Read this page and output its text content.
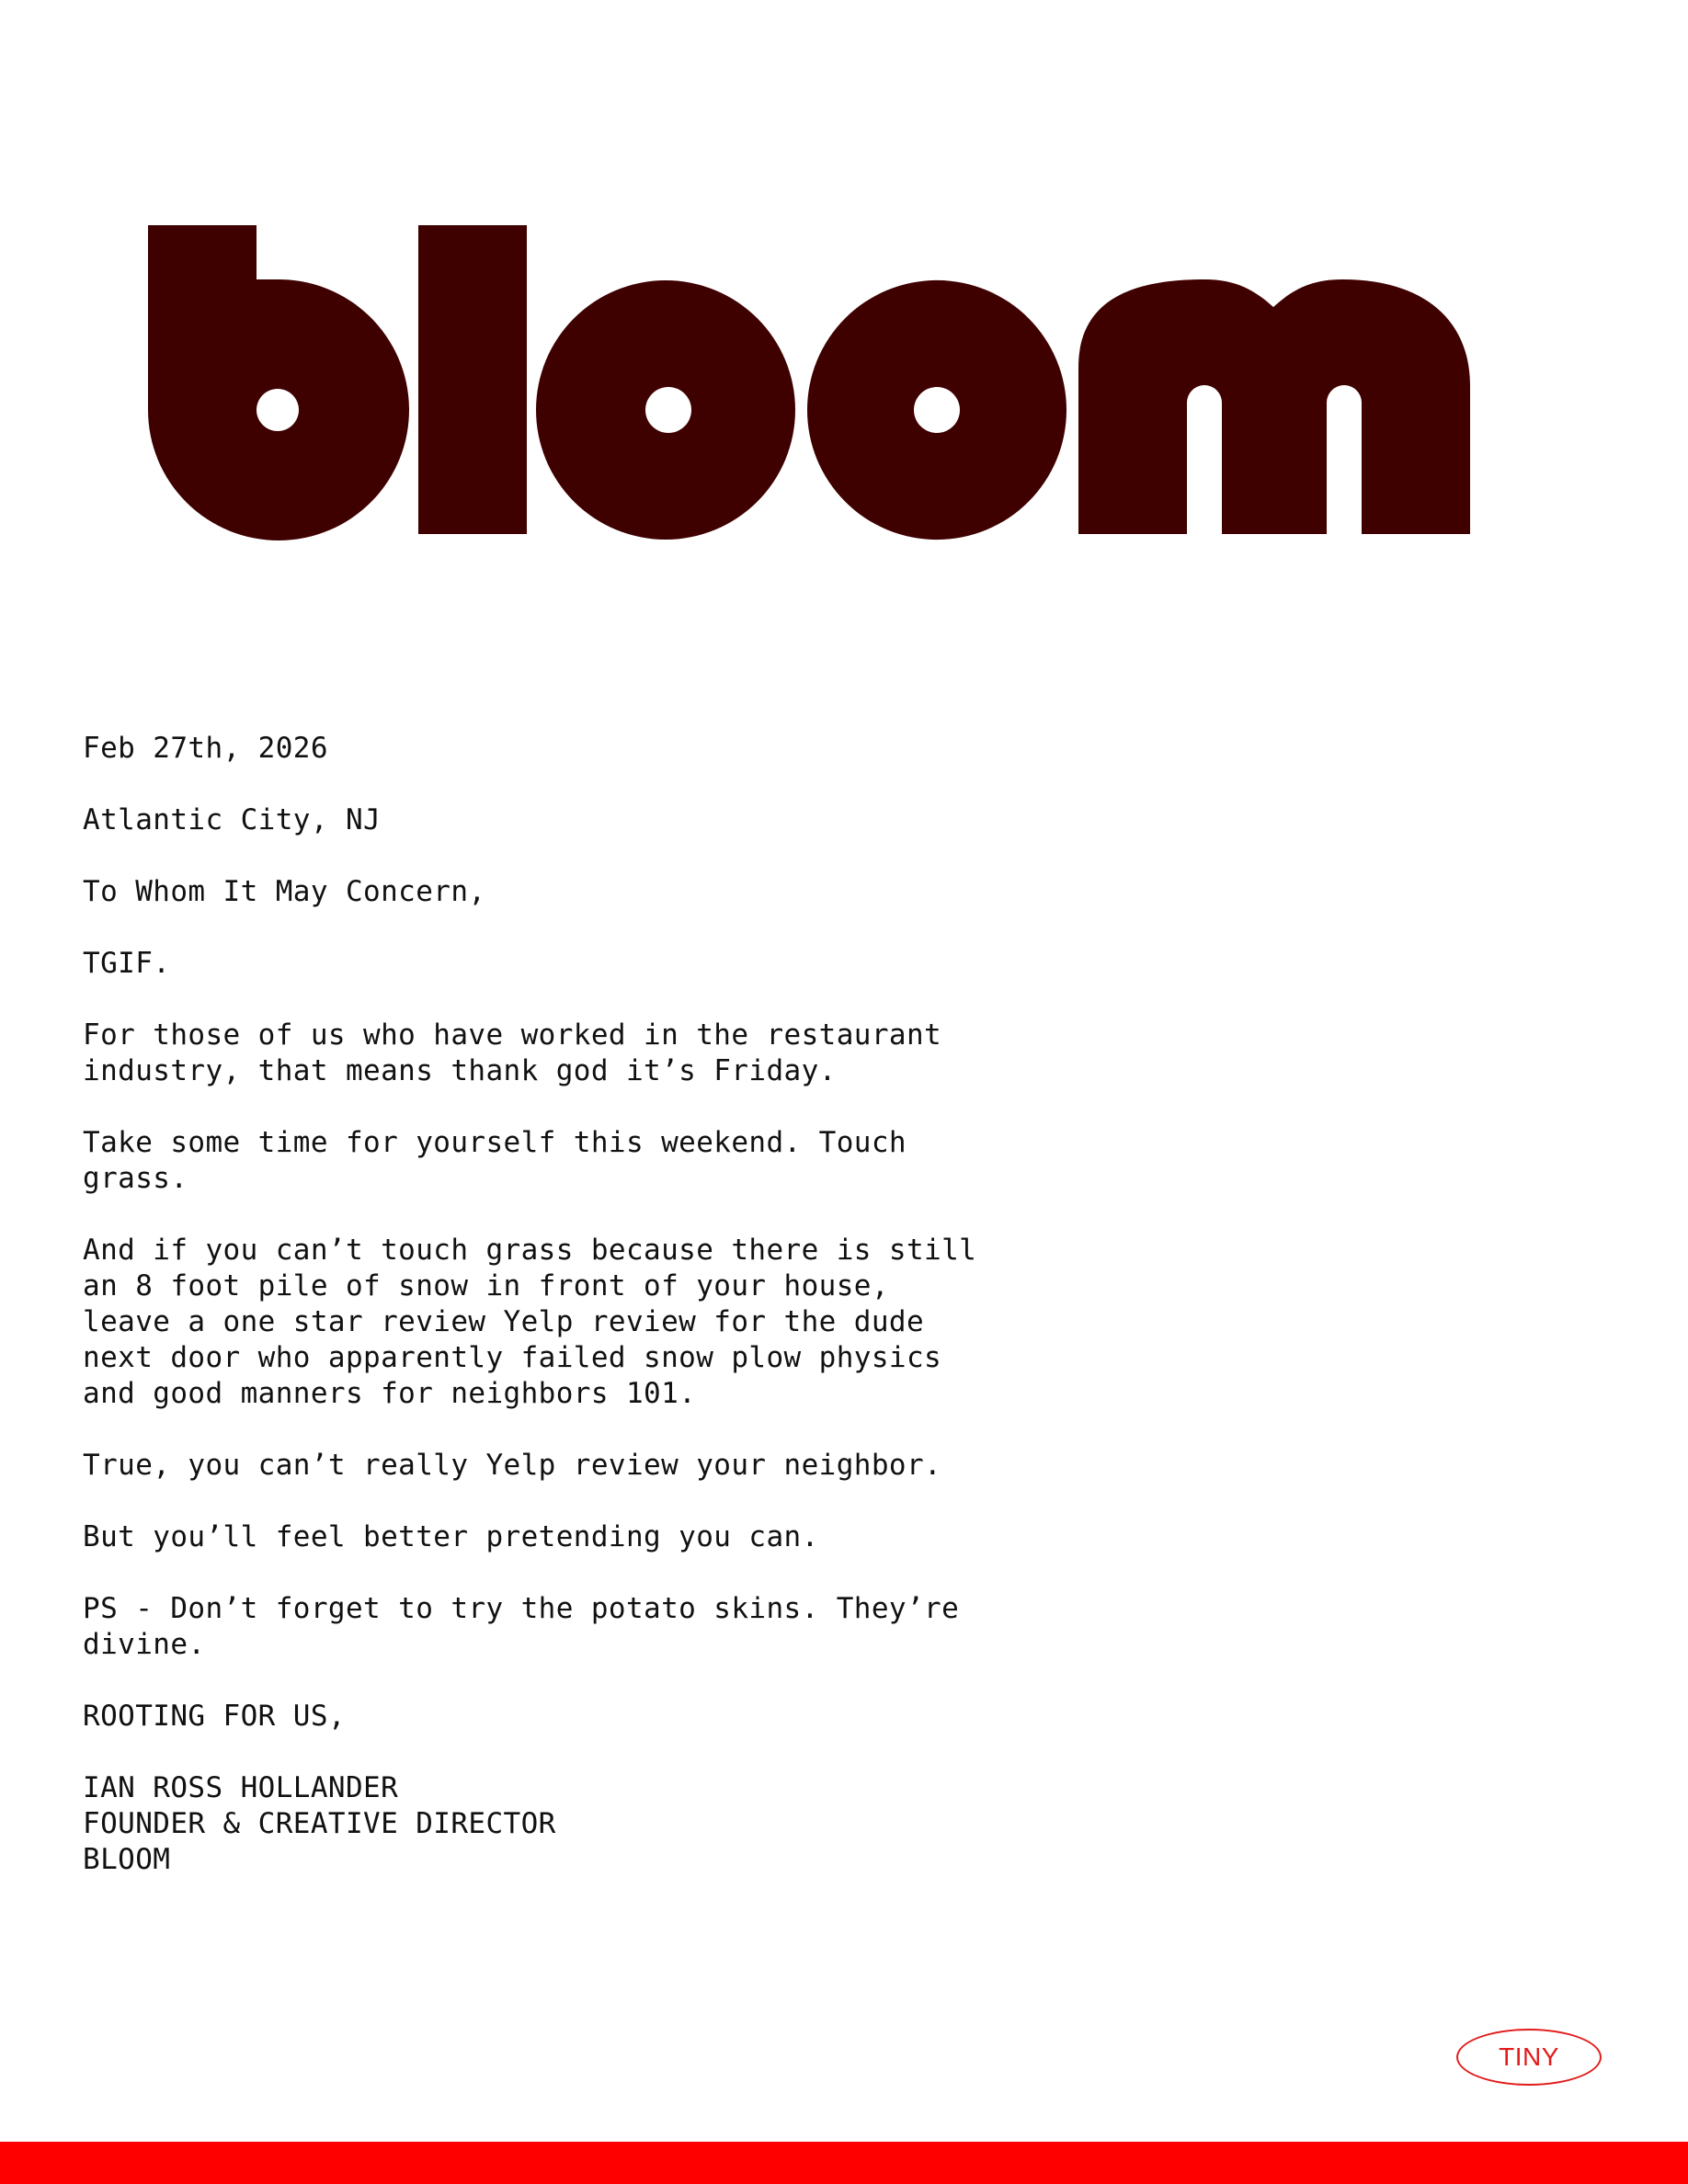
Feb 27th, 2026

Atlantic City, NJ

To Whom It May Concern,

TGIF.

For those of us who have worked in the restaurant
industry, that means thank god it’s Friday.

Take some time for yourself this weekend. Touch
grass.

And if you can’t touch grass because there is still
an 8 foot pile of snow in front of your house,
leave a one star review Yelp review for the dude
next door who apparently failed snow plow physics
and good manners for neighbors 101.

True, you can’t really Yelp review your neighbor.

But you’ll feel better pretending you can.

PS - Don’t forget to try the potato skins. They’re
divine.

ROOTING FOR US,

IAN ROSS HOLLANDER

FOUNDER & CREATIVE DIRECTOR

BLOOM

TINY
